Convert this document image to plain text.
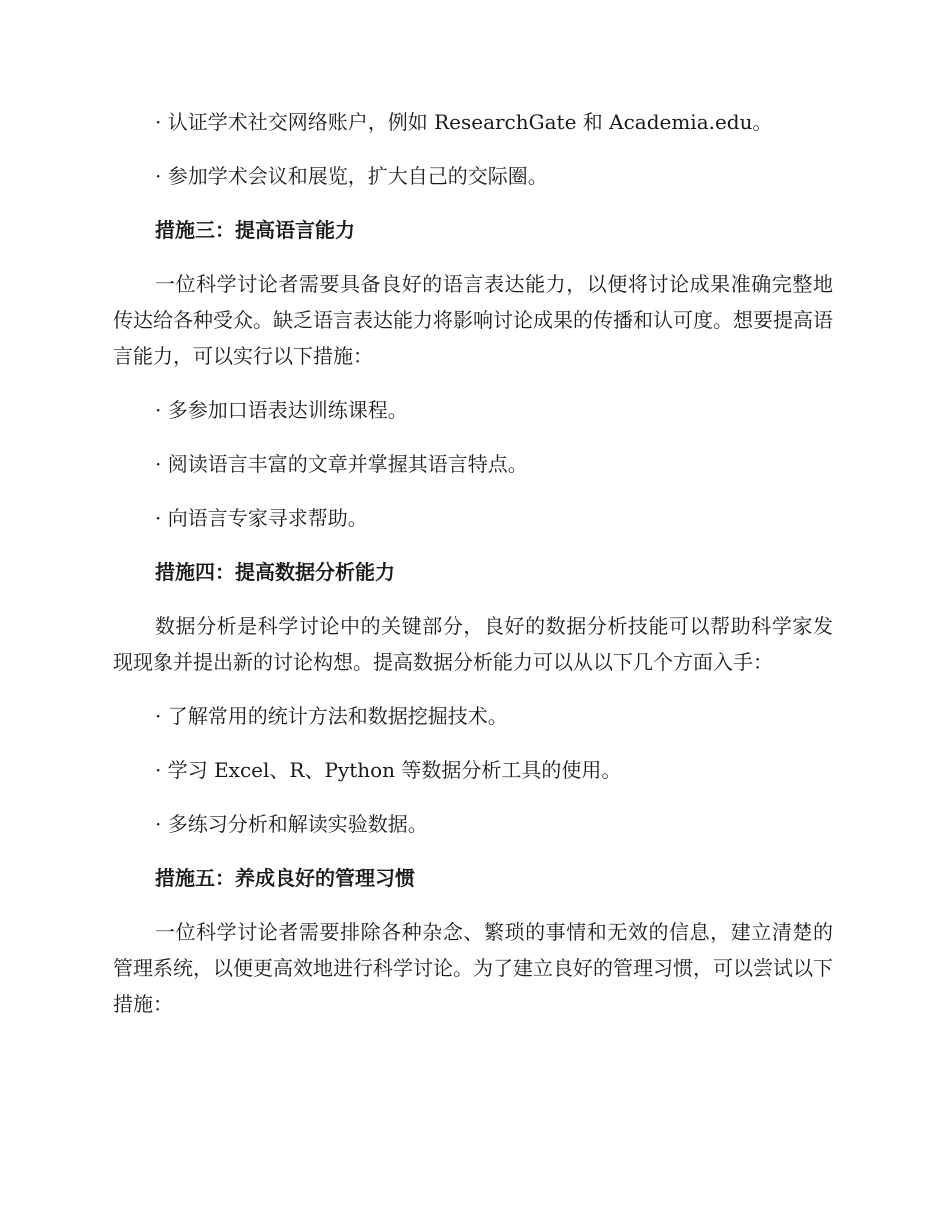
· 认证学术社交网络账户，例如 ResearchGate 和 Academia.edu。

· 参加学术会议和展览，扩大自己的交际圈。

措施三：提高语言能力

一位科学讨论者需要具备良好的语言表达能力，以便将讨论成果准确完整地传达给各种受众。缺乏语言表达能力将影响讨论成果的传播和认可度。想要提高语言能力，可以实行以下措施：

· 多参加口语表达训练课程。

· 阅读语言丰富的文章并掌握其语言特点。

· 向语言专家寻求帮助。

措施四：提高数据分析能力

数据分析是科学讨论中的关键部分，良好的数据分析技能可以帮助科学家发现现象并提出新的讨论构想。提高数据分析能力可以从以下几个方面入手：

· 了解常用的统计方法和数据挖掘技术。

· 学习 Excel、R、Python 等数据分析工具的使用。

· 多练习分析和解读实验数据。

措施五：养成良好的管理习惯

一位科学讨论者需要排除各种杂念、繁琐的事情和无效的信息，建立清楚的管理系统，以便更高效地进行科学讨论。为了建立良好的管理习惯，可以尝试以下措施：
